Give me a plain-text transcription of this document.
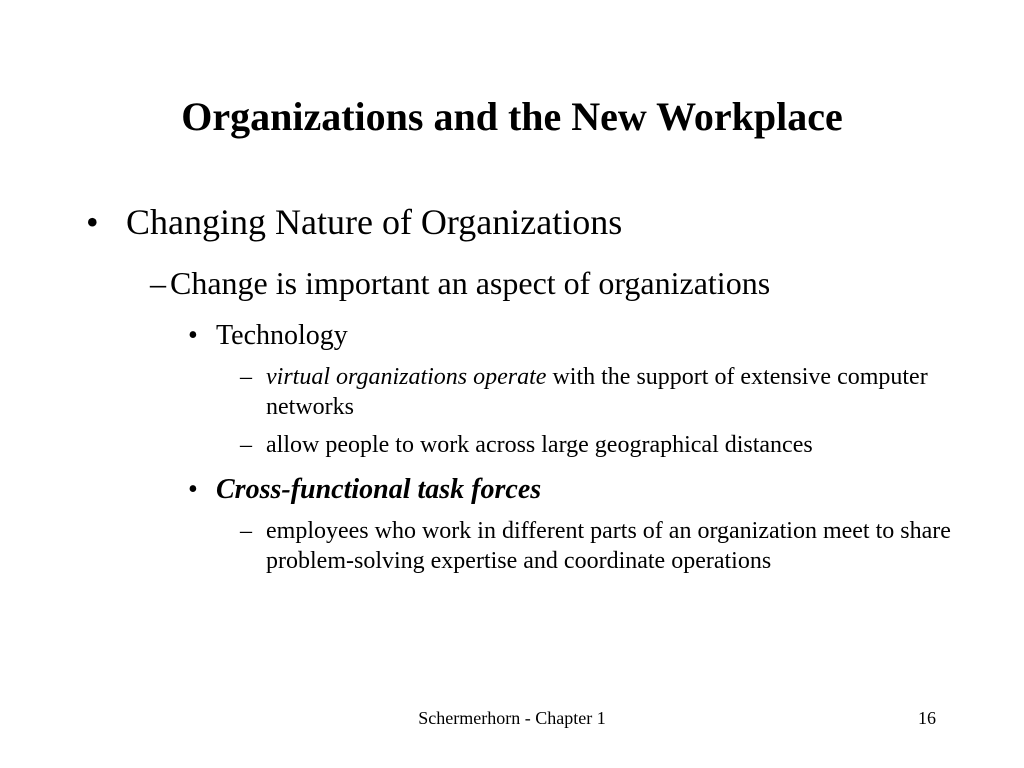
Organizations and the New Workplace
• Changing Nature of Organizations
– Change is important an aspect of organizations
• Technology
– virtual organizations operate with the support of extensive computer networks
– allow people to work across large geographical distances
• Cross-functional task forces
– employees who work in different parts of an organization meet to share problem-solving expertise and coordinate operations
Schermerhorn - Chapter 1	16
